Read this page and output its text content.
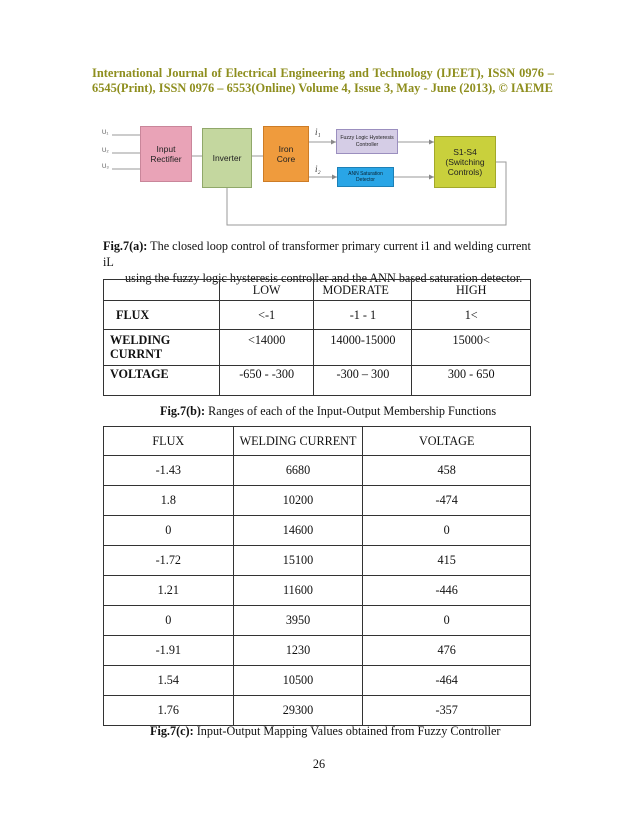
International Journal of Electrical Engineering and Technology (IJEET), ISSN 0976 – 6545(Print), ISSN 0976 – 6553(Online) Volume 4, Issue 3, May - June (2013), © IAEME
U₁
U₂
U₃
Input
Rectifier	Inverter
Iron
Core
i₁
i₂
Fuzzy Logic Hysteresis
Controller
ANN Saturation
Detector
S1-S4
(Switching
Controls)
Fig.7(a): The closed loop control of transformer primary current i1 and welding current iL
using the fuzzy logic hysteresis controller and the ANN based saturation detector.
	LOW	MODERATE	HIGH
FLUX	<-1	-1 - 1	1<
WELDING CURRNT	<14000	14000-15000	15000<
VOLTAGE	-650 - -300	-300 – 300	300 - 650
Fig.7(b): Ranges of each of the Input-Output Membership Functions
FLUX	WELDING CURRENT	VOLTAGE
-1.43	6680	458
1.8	10200	-474
0	14600	0
-1.72	15100	415
1.21	11600	-446
0	3950	0
-1.91	1230	476
1.54	10500	-464
1.76	29300	-357
Fig.7(c): Input-Output Mapping Values obtained from Fuzzy Controller
26
